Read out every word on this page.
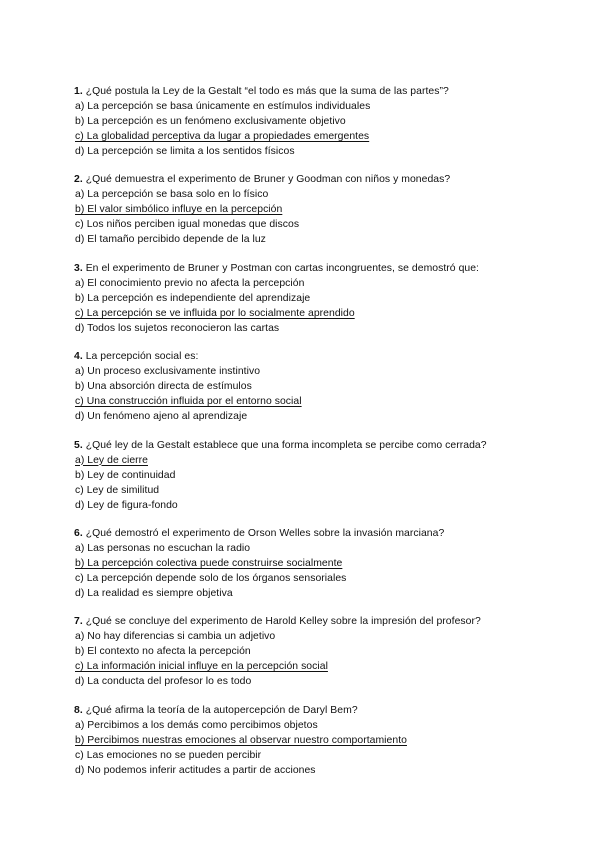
1. ¿Qué postula la Ley de la Gestalt “el todo es más que la suma de las partes”?
a) La percepción se basa únicamente en estímulos individuales
b) La percepción es un fenómeno exclusivamente objetivo
c) La globalidad perceptiva da lugar a propiedades emergentes
d) La percepción se limita a los sentidos físicos
2. ¿Qué demuestra el experimento de Bruner y Goodman con niños y monedas?
a) La percepción se basa solo en lo físico
b) El valor simbólico influye en la percepción
c) Los niños perciben igual monedas que discos
d) El tamaño percibido depende de la luz
3. En el experimento de Bruner y Postman con cartas incongruentes, se demostró que:
a) El conocimiento previo no afecta la percepción
b) La percepción es independiente del aprendizaje
c) La percepción se ve influida por lo socialmente aprendido
d) Todos los sujetos reconocieron las cartas
4. La percepción social es:
a) Un proceso exclusivamente instintivo
b) Una absorción directa de estímulos
c) Una construcción influida por el entorno social
d) Un fenómeno ajeno al aprendizaje
5. ¿Qué ley de la Gestalt establece que una forma incompleta se percibe como cerrada?
a) Ley de cierre
b) Ley de continuidad
c) Ley de similitud
d) Ley de figura-fondo
6. ¿Qué demostró el experimento de Orson Welles sobre la invasión marciana?
a) Las personas no escuchan la radio
b) La percepción colectiva puede construirse socialmente
c) La percepción depende solo de los órganos sensoriales
d) La realidad es siempre objetiva
7. ¿Qué se concluye del experimento de Harold Kelley sobre la impresión del profesor?
a) No hay diferencias si cambia un adjetivo
b) El contexto no afecta la percepción
c) La información inicial influye en la percepción social
d) La conducta del profesor lo es todo
8. ¿Qué afirma la teoría de la autopercepción de Daryl Bem?
a) Percibimos a los demás como percibimos objetos
b) Percibimos nuestras emociones al observar nuestro comportamiento
c) Las emociones no se pueden percibir
d) No podemos inferir actitudes a partir de acciones
